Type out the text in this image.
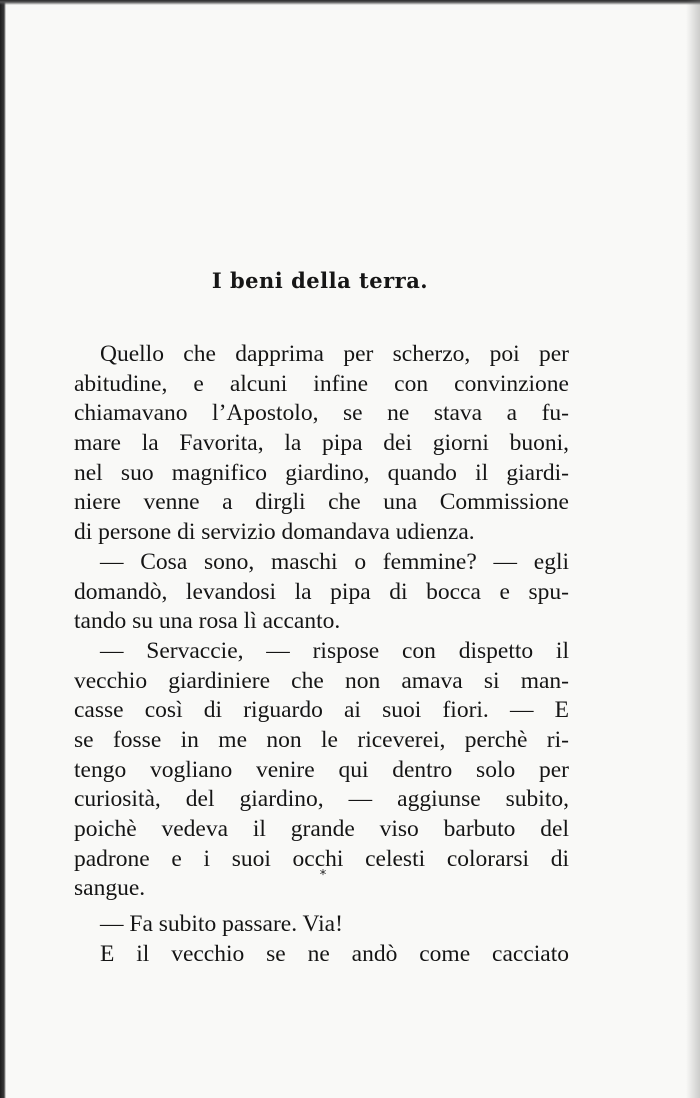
I beni della terra.
Quello che dapprima per scherzo, poi per
abitudine, e alcuni infine con convinzione
chiamavano l’Apostolo, se ne stava a fu-
mare la Favorita, la pipa dei giorni buoni,
nel suo magnifico giardino, quando il giardi-
niere venne a dirgli che una Commissione
di persone di servizio domandava udienza.
— Cosa sono, maschi o femmine? — egli
domandò, levandosi la pipa di bocca e spu-
tando su una rosa lì accanto.
— Servaccie, — rispose con dispetto il
vecchio giardiniere che non amava si man-
casse così di riguardo ai suoi fiori. — E
se fosse in me non le riceverei, perchè ri-
tengo vogliano venire qui dentro solo per
curiosità, del giardino, — aggiunse subito,
poichè vedeva il grande viso barbuto del
padrone e i suoi occhi celesti colorarsi di
sangue.	*
— Fa subito passare. Via!
E il vecchio se ne andò come cacciato
